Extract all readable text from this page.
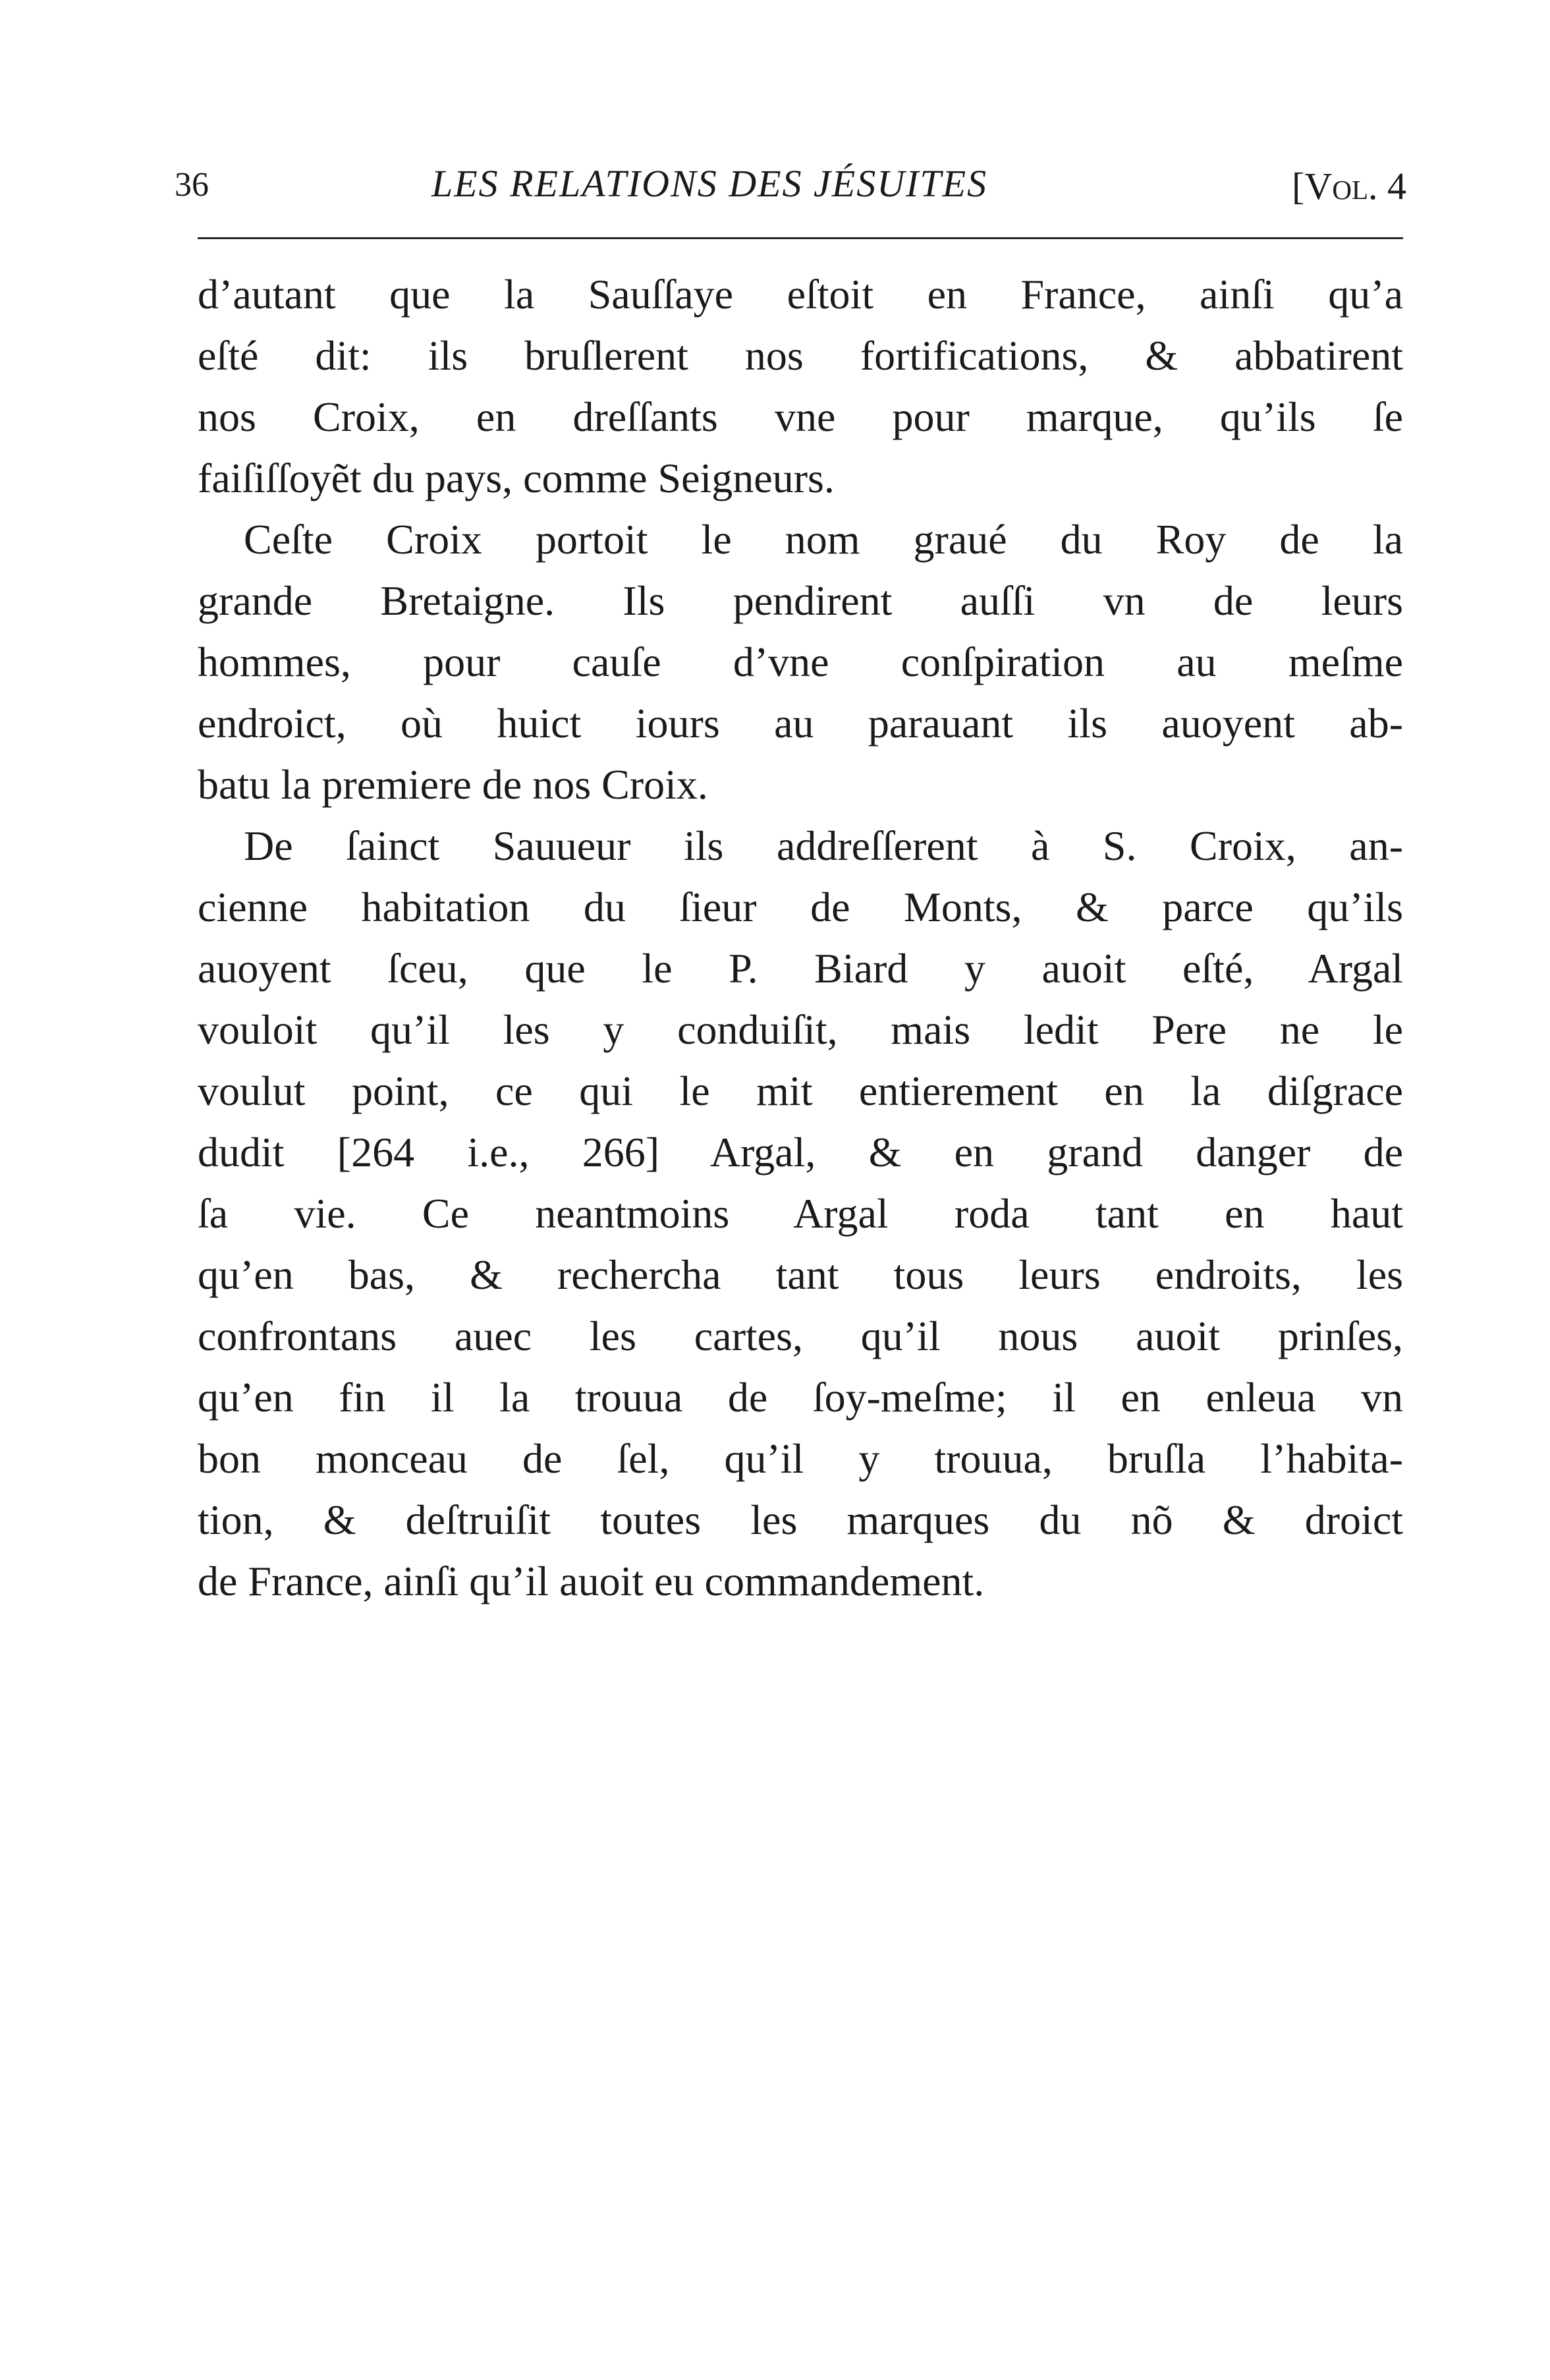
36	LES RELATIONS DES JÉSUITES	[Vol. 4
d’autant que la Sauſſaye eſtoit en France, ainſi qu’a
eſté dit: ils bruſlerent nos fortifications, & abbatirent
nos Croix, en dreſſants vne pour marque, qu’ils ſe
faiſiſſoyẽt du pays, comme Seigneurs.
Ceſte Croix portoit le nom graué du Roy de la
grande Bretaigne. Ils pendirent auſſi vn de leurs
hommes, pour cauſe d’vne conſpiration au meſme
endroict, où huict iours au parauant ils auoyent ab-
batu la premiere de nos Croix.
De ſainct Sauueur ils addreſſerent à S. Croix, an-
cienne habitation du ſieur de Monts, & parce qu’ils
auoyent ſceu, que le P. Biard y auoit eſté, Argal
vouloit qu’il les y conduiſit, mais ledit Pere ne le
voulut point, ce qui le mit entierement en la diſgrace
dudit [264 i.e., 266] Argal, & en grand danger de
ſa vie. Ce neantmoins Argal roda tant en haut
qu’en bas, & rechercha tant tous leurs endroits, les
confrontans auec les cartes, qu’il nous auoit prinſes,
qu’en fin il la trouua de ſoy-meſme; il en enleua vn
bon monceau de ſel, qu’il y trouua, bruſla l’habita-
tion, & deſtruiſit toutes les marques du nõ & droict
de France, ainſi qu’il auoit eu commandement.
